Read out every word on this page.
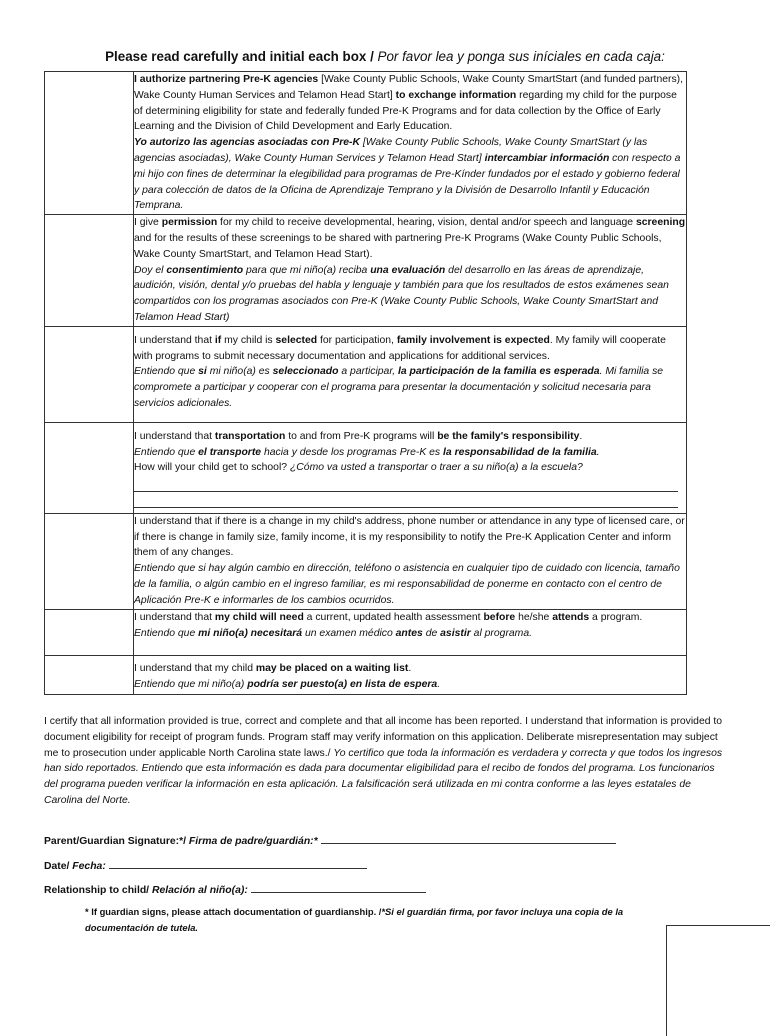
Please read carefully and initial each box / Por favor lea y ponga sus iníciales en cada caja:

	I authorize partnering Pre-K agencies [Wake County Public Schools, Wake County SmartStart (and funded partners), Wake County Human Services and Telamon Head Start] to exchange information regarding my child for the purpose of determining eligibility for state and federally funded Pre-K Programs and for data collection by the Office of Early Learning and the Division of Child Development and Early Education.

Yo autorizo las agencias asociadas con Pre-K [Wake County Public Schools, Wake County SmartStart (y las agencias asociadas), Wake County Human Services y Telamon Head Start] intercambiar información con respecto a mi hijo con fines de determinar la elegibilidad para programas de Pre-Kínder fundados por el estado y gobierno federal y para colección de datos de la Oficina de Aprendizaje Temprano y la División de Desarrollo Infantil y Educación Temprana.

	I give permission for my child to receive developmental, hearing, vision, dental and/or speech and language screening and for the results of these screenings to be shared with partnering Pre-K Programs (Wake County Public Schools, Wake County SmartStart, and Telamon Head Start).

Doy el consentimiento para que mi niño(a) reciba una evaluación del desarrollo en las áreas de aprendizaje, audición, visión, dental y/o pruebas del habla y lenguaje y también para que los resultados de estos exámenes sean compartidos con los programas asociados con Pre-K (Wake County Public Schools, Wake County SmartStart and Telamon Head Start)

	I understand that if my child is selected for participation, family involvement is expected. My family will cooperate with programs to submit necessary documentation and applications for additional services.

Entiendo que si mi niño(a) es seleccionado a participar, la participación de la familia es esperada. Mi familia se compromete a participar y cooperar con el programa para presentar la documentación y solicitud necesaria para servicios adicionales.

	I understand that transportation to and from Pre-K programs will be the family's responsibility.

Entiendo que el transporte hacia y desde los programas Pre-K es la responsabilidad de la familia.

How will your child get to school? ¿Cómo va usted a transportar o traer a su niño(a) a la escuela?

	I understand that if there is a change in my child's address, phone number or attendance in any type of licensed care, or if there is change in family size, family income, it is my responsibility to notify the Pre-K Application Center and inform them of any changes.

Entiendo que si hay algún cambio en dirección, teléfono o asistencia en cualquier tipo de cuidado con licencia, tamaño de la familia, o algún cambio en el ingreso familiar, es mi responsabilidad de ponerme en contacto con el centro de Aplicación Pre-K e informarles de los cambios ocurridos.

	I understand that my child will need a current, updated health assessment before he/she attends a program.

Entiendo que mi niño(a) necesitará un examen médico antes de asistir al programa.

	I understand that my child may be placed on a waiting list.

Entiendo que mi niño(a) podría ser puesto(a) en lista de espera.

I certify that all information provided is true, correct and complete and that all income has been reported. I understand that information is provided to document eligibility for receipt of program funds. Program staff may verify information on this application. Deliberate misrepresentation may subject me to prosecution under applicable North Carolina state laws./ Yo certifico que toda la información es verdadera y correcta y que todos los ingresos han sido reportados. Entiendo que esta información es dada para documentar eligibilidad para el recibo de fondos del programa. Los funcionarios del programa pueden verificar la información en esta aplicación. La falsificación será utilizada en mi contra conforme a las leyes estatales de Carolina del Norte.
Parent/Guardian Signature:*/ Firma de padre/guardián:*
Date/ Fecha:
Relationship to child/ Relación al niño(a):
* If guardian signs, please attach documentation of guardianship. /*Si el guardián firma, por favor incluya una copia de la documentación de tutela.
